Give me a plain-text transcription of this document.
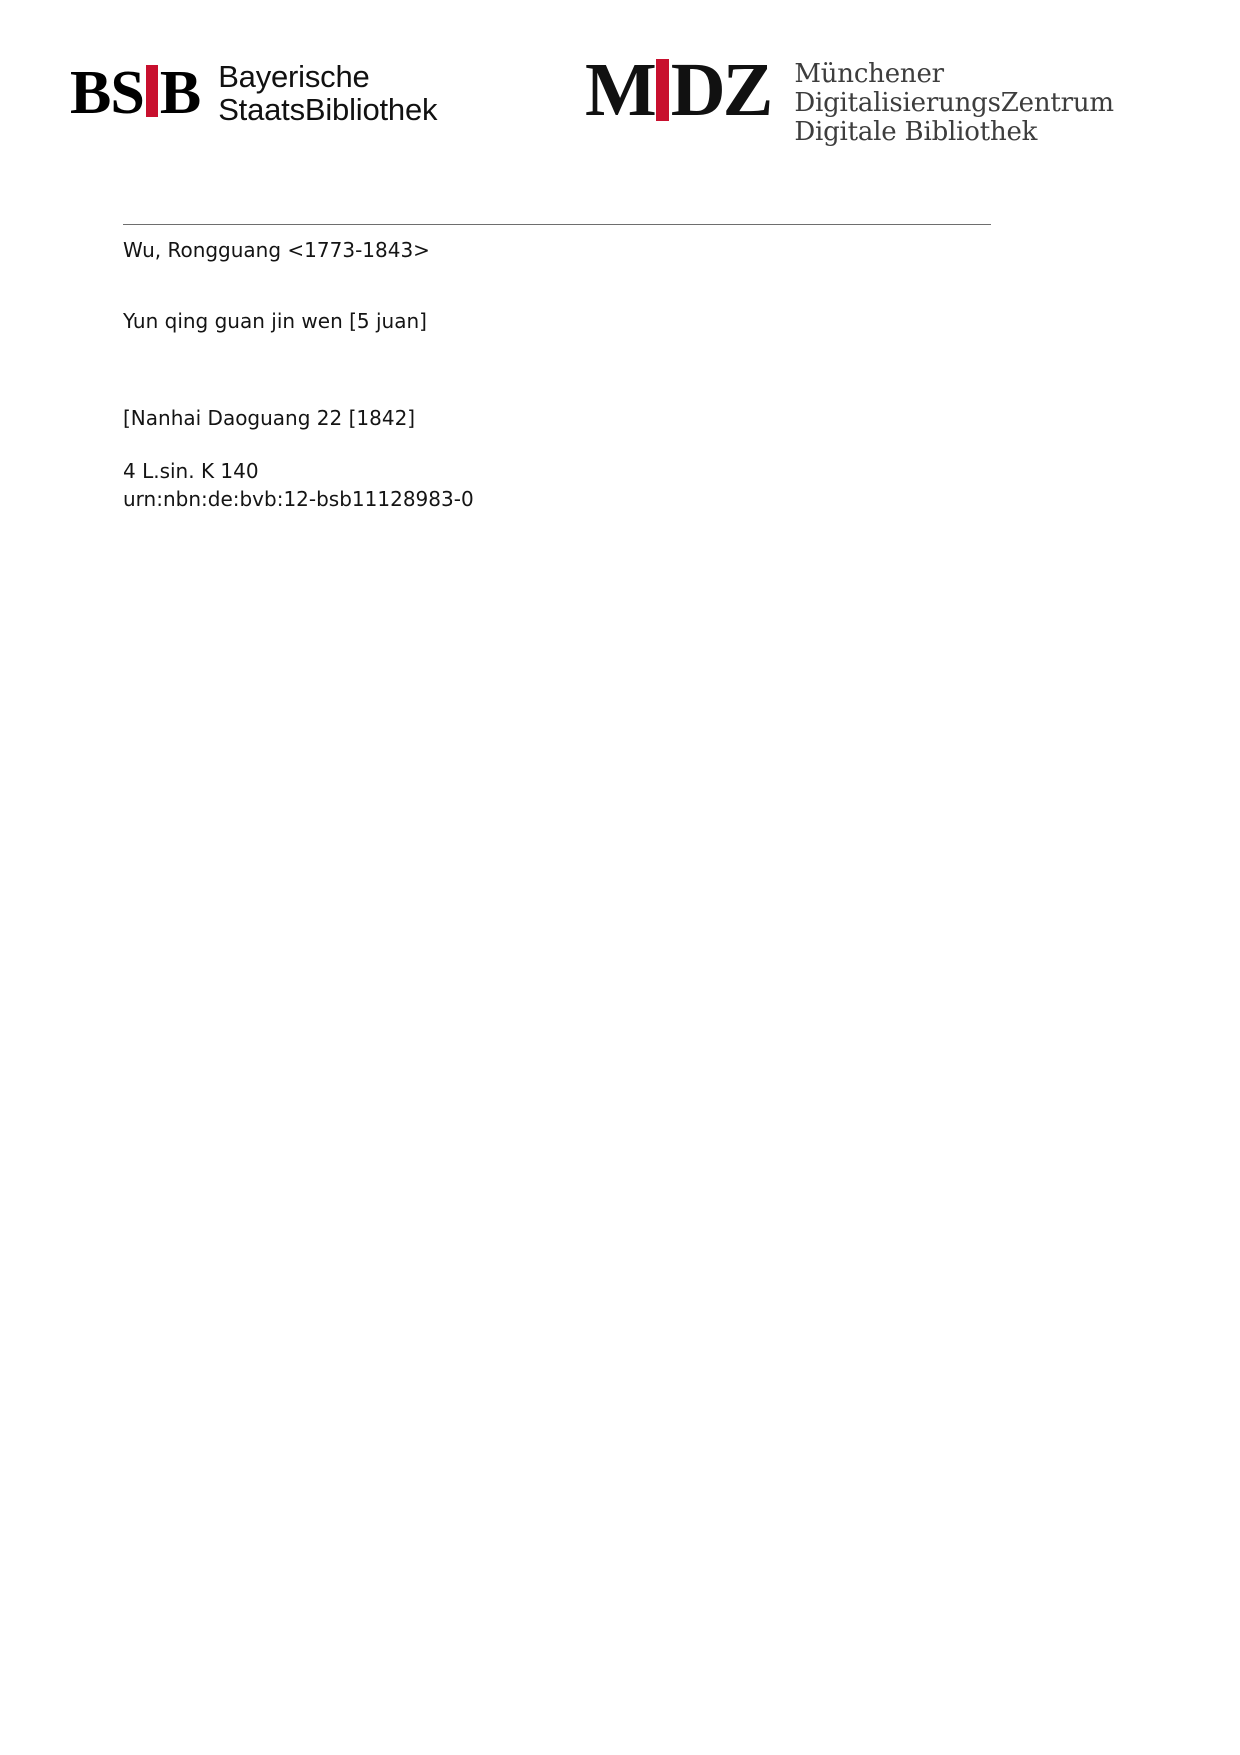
BS B Bayerische
StaatsBibliothek M DZ Münchener
DigitalisierungsZentrum
Digitale Bibliothek

Wu, Rongguang <1773-1843>

Yun qing guan jin wen [5 juan]

[Nanhai Daoguang 22 [1842]

4 L.sin. K 140

urn:nbn:de:bvb:12-bsb11128983-0
